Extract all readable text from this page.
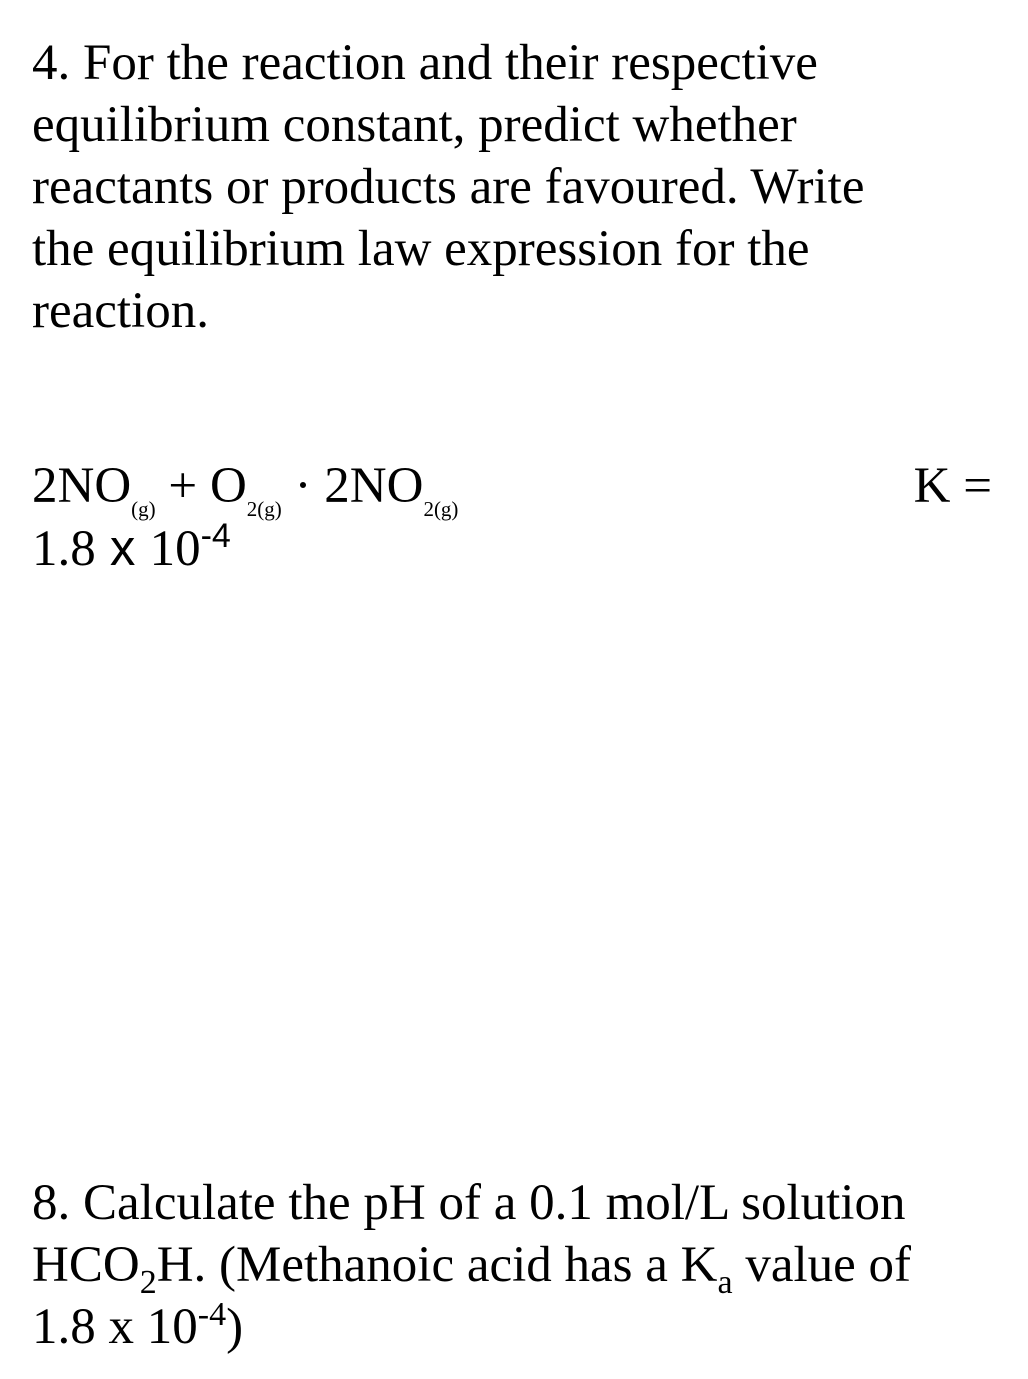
4. For the reaction and their respective
equilibrium constant, predict whether
reactants or products are favoured. Write
the equilibrium law expression for the
reaction.
$2NO_{(g)} + O_{2(g)} \cdot 2NO_{2(g)}$	K =
1.8 x $10^{-4}$
8. Calculate the pH of a 0.1 mol/L solution
$HCO_2H$. (Methanoic acid has a $K_a$ value of
1.8 x $10^{-4}$)
